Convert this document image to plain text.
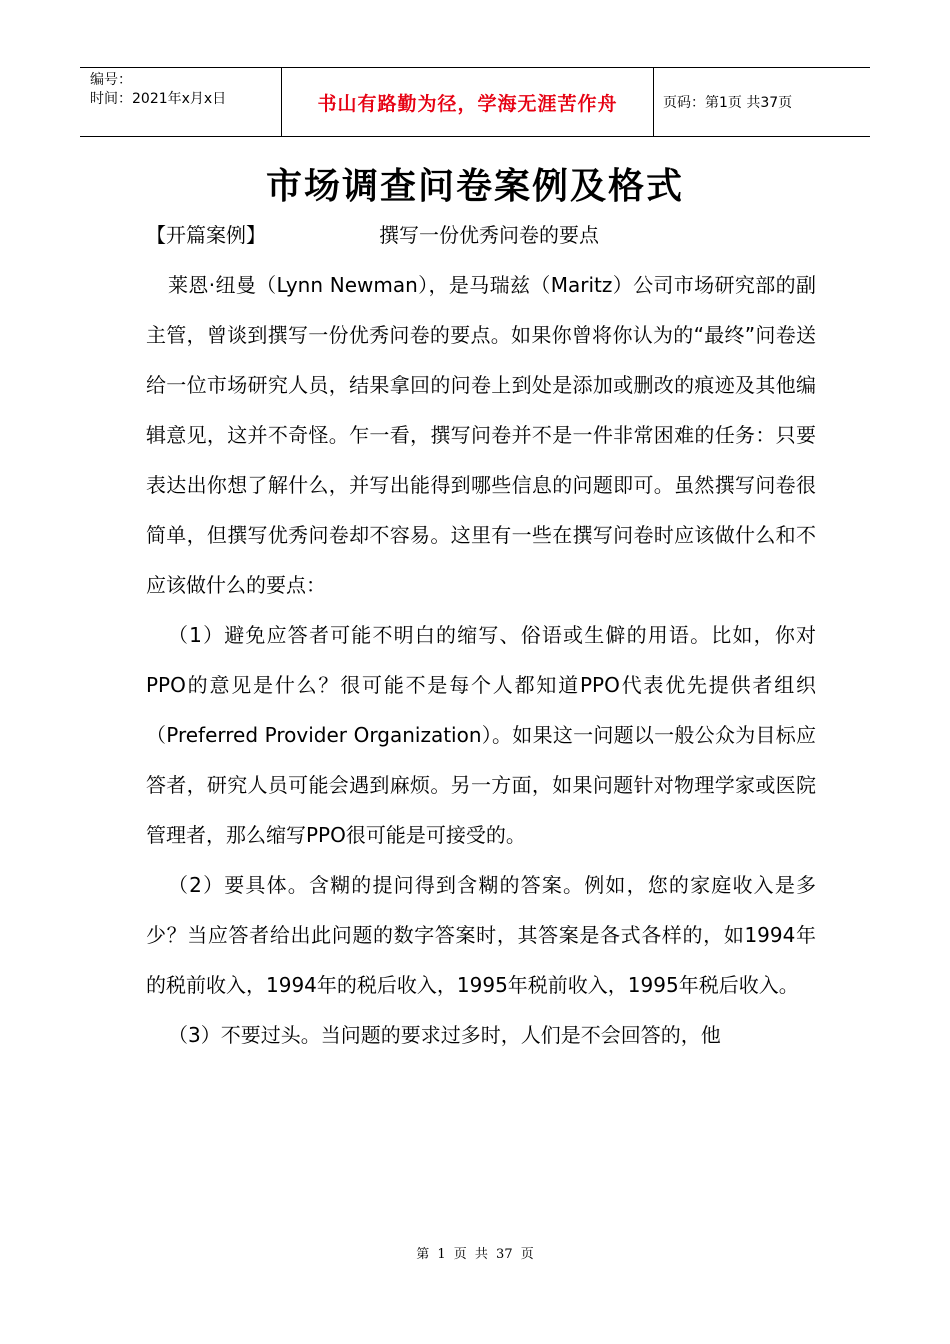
编号：
时间：2021年x月x日	书山有路勤为径，学海无涯苦作舟	页码：第1页 共37页
市场调查问卷案例及格式
【开篇案例】	撰写一份优秀问卷的要点

莱恩·纽曼（Lynn Newman），是马瑞兹（Maritz）公司市场研究部的副主管，曾谈到撰写一份优秀问卷的要点。如果你曾将你认为的“最终”问卷送给一位市场研究人员，结果拿回的问卷上到处是添加或删改的痕迹及其他编辑意见，这并不奇怪。乍一看，撰写问卷并不是一件非常困难的任务：只要表达出你想了解什么，并写出能得到哪些信息的问题即可。虽然撰写问卷很简单，但撰写优秀问卷却不容易。这里有一些在撰写问卷时应该做什么和不应该做什么的要点：

（1）避免应答者可能不明白的缩写、俗语或生僻的用语。比如，你对PPO的意见是什么？很可能不是每个人都知道PPO代表优先提供者组织（Preferred Provider Organization）。如果这一问题以一般公众为目标应答者，研究人员可能会遇到麻烦。另一方面，如果问题针对物理学家或医院管理者，那么缩写PPO很可能是可接受的。

（2）要具体。含糊的提问得到含糊的答案。例如，您的家庭收入是多少？当应答者给出此问题的数字答案时，其答案是各式各样的，如1994年的税前收入，1994年的税后收入，1995年税前收入，1995年税后收入。

（3）不要过头。当问题的要求过多时，人们是不会回答的，他

第 1 页 共 37 页
